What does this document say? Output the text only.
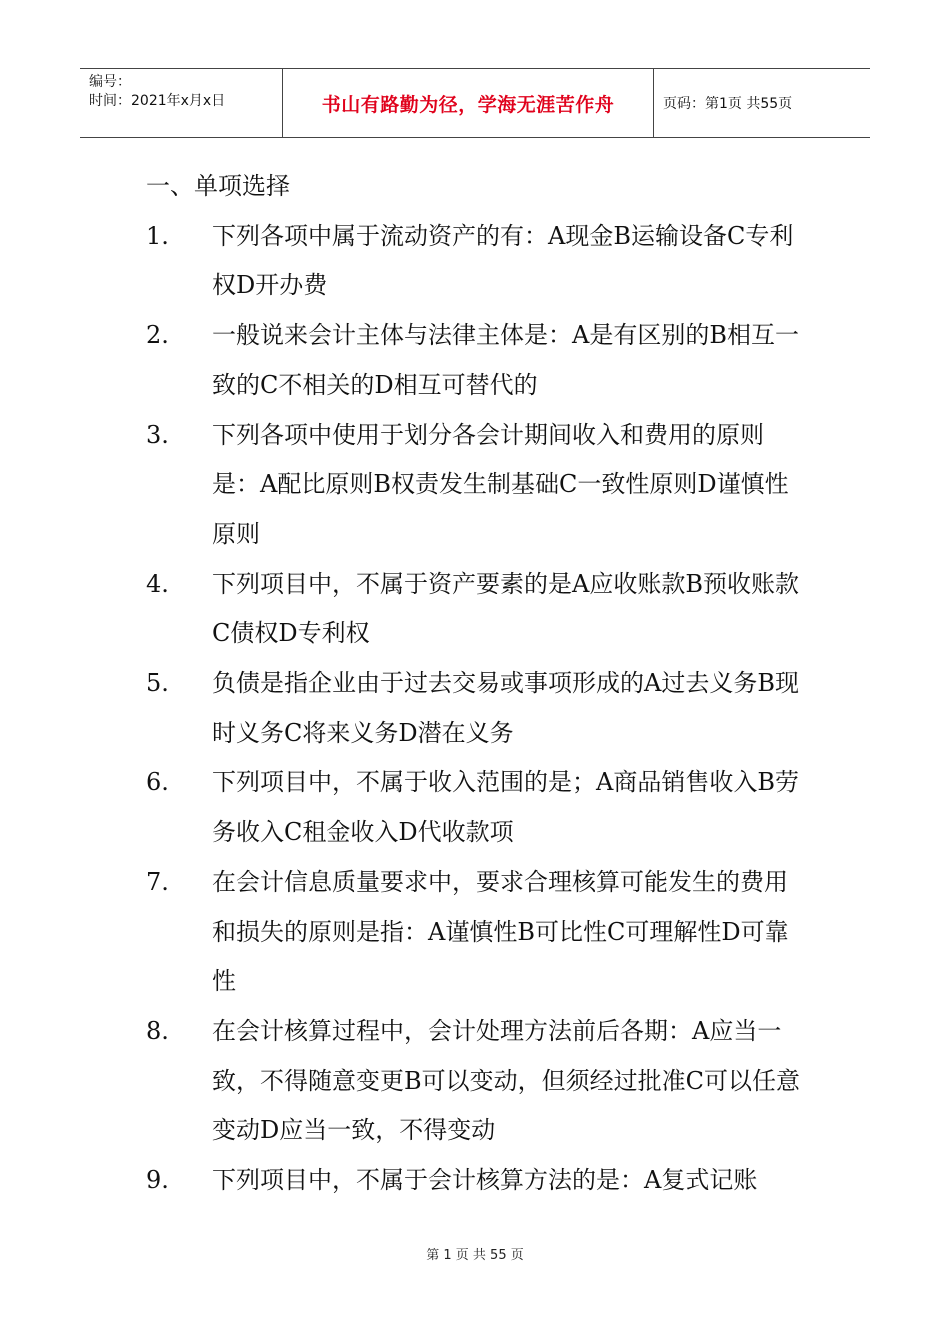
编号：
时间：2021年x月x日	书山有路勤为径，学海无涯苦作舟	页码：第1页 共55页
一、单项选择
1.	下列各项中属于流动资产的有：A现金B运输设备C专利权D开办费
2.	一般说来会计主体与法律主体是：A是有区别的B相互一致的C不相关的D相互可替代的
3.	下列各项中使用于划分各会计期间收入和费用的原则是：A配比原则B权责发生制基础C一致性原则D谨慎性原则
4.	下列项目中，不属于资产要素的是A应收账款B预收账款C债权D专利权
5.	负债是指企业由于过去交易或事项形成的A过去义务B现时义务C将来义务D潜在义务
6.	下列项目中，不属于收入范围的是；A商品销售收入B劳务收入C租金收入D代收款项
7.	在会计信息质量要求中，要求合理核算可能发生的费用和损失的原则是指：A谨慎性B可比性C可理解性D可靠性
8.	在会计核算过程中，会计处理方法前后各期：A应当一致，不得随意变更B可以变动，但须经过批准C可以任意变动D应当一致，不得变动
9.	下列项目中，不属于会计核算方法的是：A复式记账
第 1 页 共 55 页
